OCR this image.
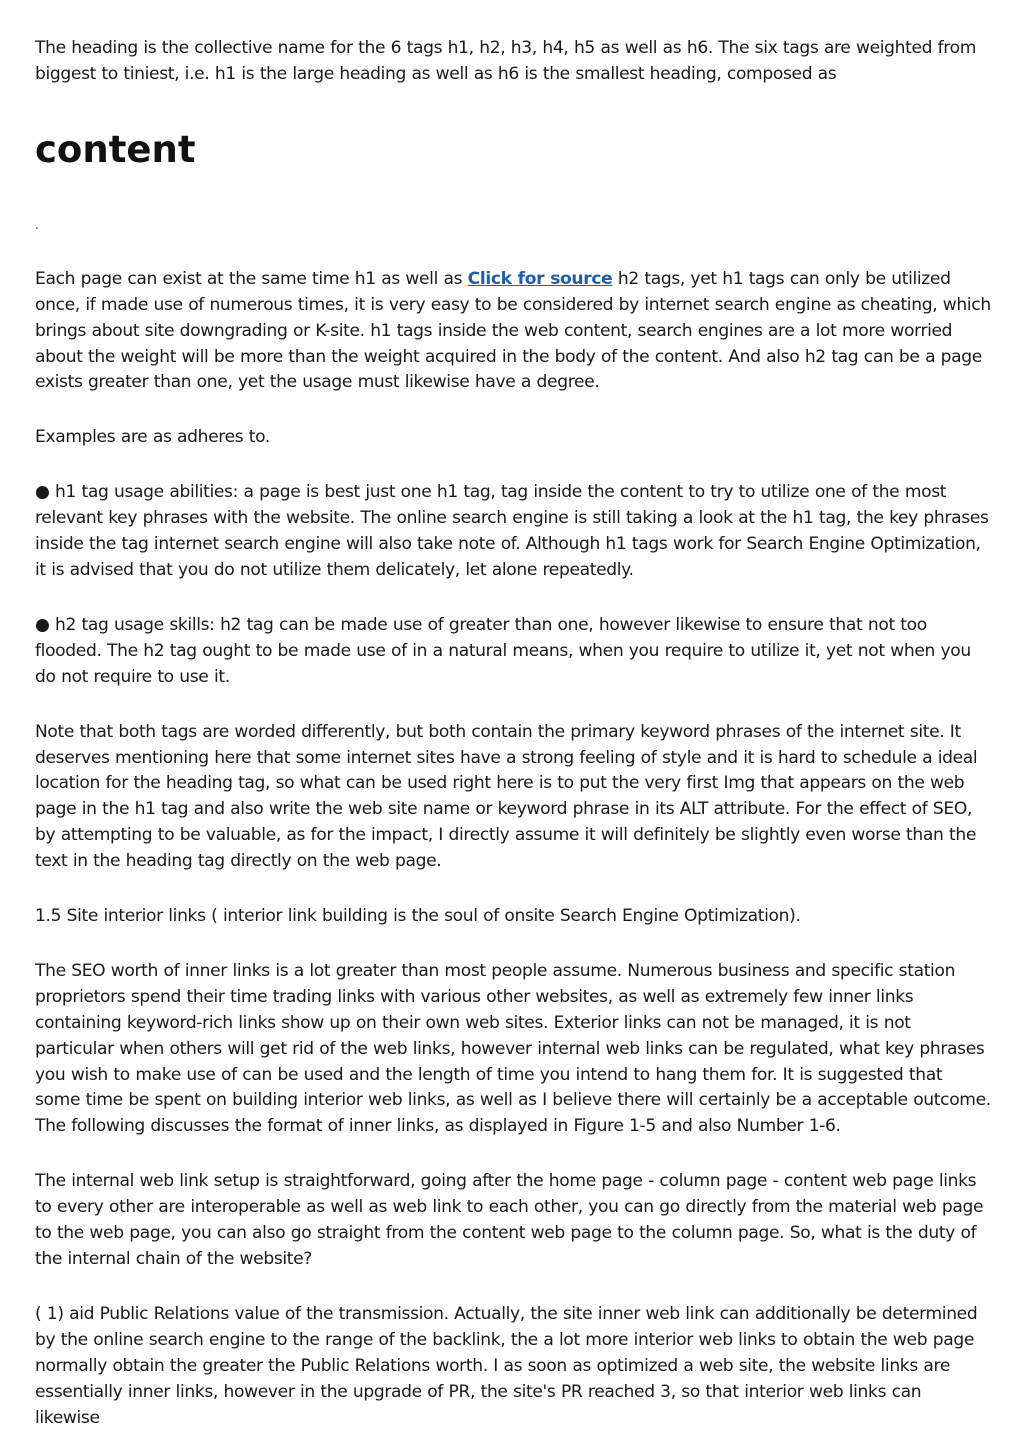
The heading is the collective name for the 6 tags h1, h2, h3, h4, h5 as well as h6. The six tags are weighted from biggest to tiniest, i.e. h1 is the large heading as well as h6 is the smallest heading, composed as

content

.

Each page can exist at the same time h1 as well as Click for source h2 tags, yet h1 tags can only be utilized once, if made use of numerous times, it is very easy to be considered by internet search engine as cheating, which brings about site downgrading or K-site. h1 tags inside the web content, search engines are a lot more worried about the weight will be more than the weight acquired in the body of the content. And also h2 tag can be a page exists greater than one, yet the usage must likewise have a degree.

Examples are as adheres to.

● h1 tag usage abilities: a page is best just one h1 tag, tag inside the content to try to utilize one of the most relevant key phrases with the website. The online search engine is still taking a look at the h1 tag, the key phrases inside the tag internet search engine will also take note of. Although h1 tags work for Search Engine Optimization, it is advised that you do not utilize them delicately, let alone repeatedly.

● h2 tag usage skills: h2 tag can be made use of greater than one, however likewise to ensure that not too flooded. The h2 tag ought to be made use of in a natural means, when you require to utilize it, yet not when you do not require to use it.

Note that both tags are worded differently, but both contain the primary keyword phrases of the internet site. It deserves mentioning here that some internet sites have a strong feeling of style and it is hard to schedule a ideal location for the heading tag, so what can be used right here is to put the very first Img that appears on the web page in the h1 tag and also write the web site name or keyword phrase in its ALT attribute. For the effect of SEO, by attempting to be valuable, as for the impact, I directly assume it will definitely be slightly even worse than the text in the heading tag directly on the web page.

1.5 Site interior links ( interior link building is the soul of onsite Search Engine Optimization).

The SEO worth of inner links is a lot greater than most people assume. Numerous business and specific station proprietors spend their time trading links with various other websites, as well as extremely few inner links containing keyword-rich links show up on their own web sites. Exterior links can not be managed, it is not particular when others will get rid of the web links, however internal web links can be regulated, what key phrases you wish to make use of can be used and the length of time you intend to hang them for. It is suggested that some time be spent on building interior web links, as well as I believe there will certainly be a acceptable outcome. The following discusses the format of inner links, as displayed in Figure 1-5 and also Number 1-6.

The internal web link setup is straightforward, going after the home page - column page - content web page links to every other are interoperable as well as web link to each other, you can go directly from the material web page to the web page, you can also go straight from the content web page to the column page. So, what is the duty of the internal chain of the website?

( 1) aid Public Relations value of the transmission. Actually, the site inner web link can additionally be determined by the online search engine to the range of the backlink, the a lot more interior web links to obtain the web page normally obtain the greater the Public Relations worth. I as soon as optimized a web site, the website links are essentially inner links, however in the upgrade of PR, the site's PR reached 3, so that interior web links can likewise
